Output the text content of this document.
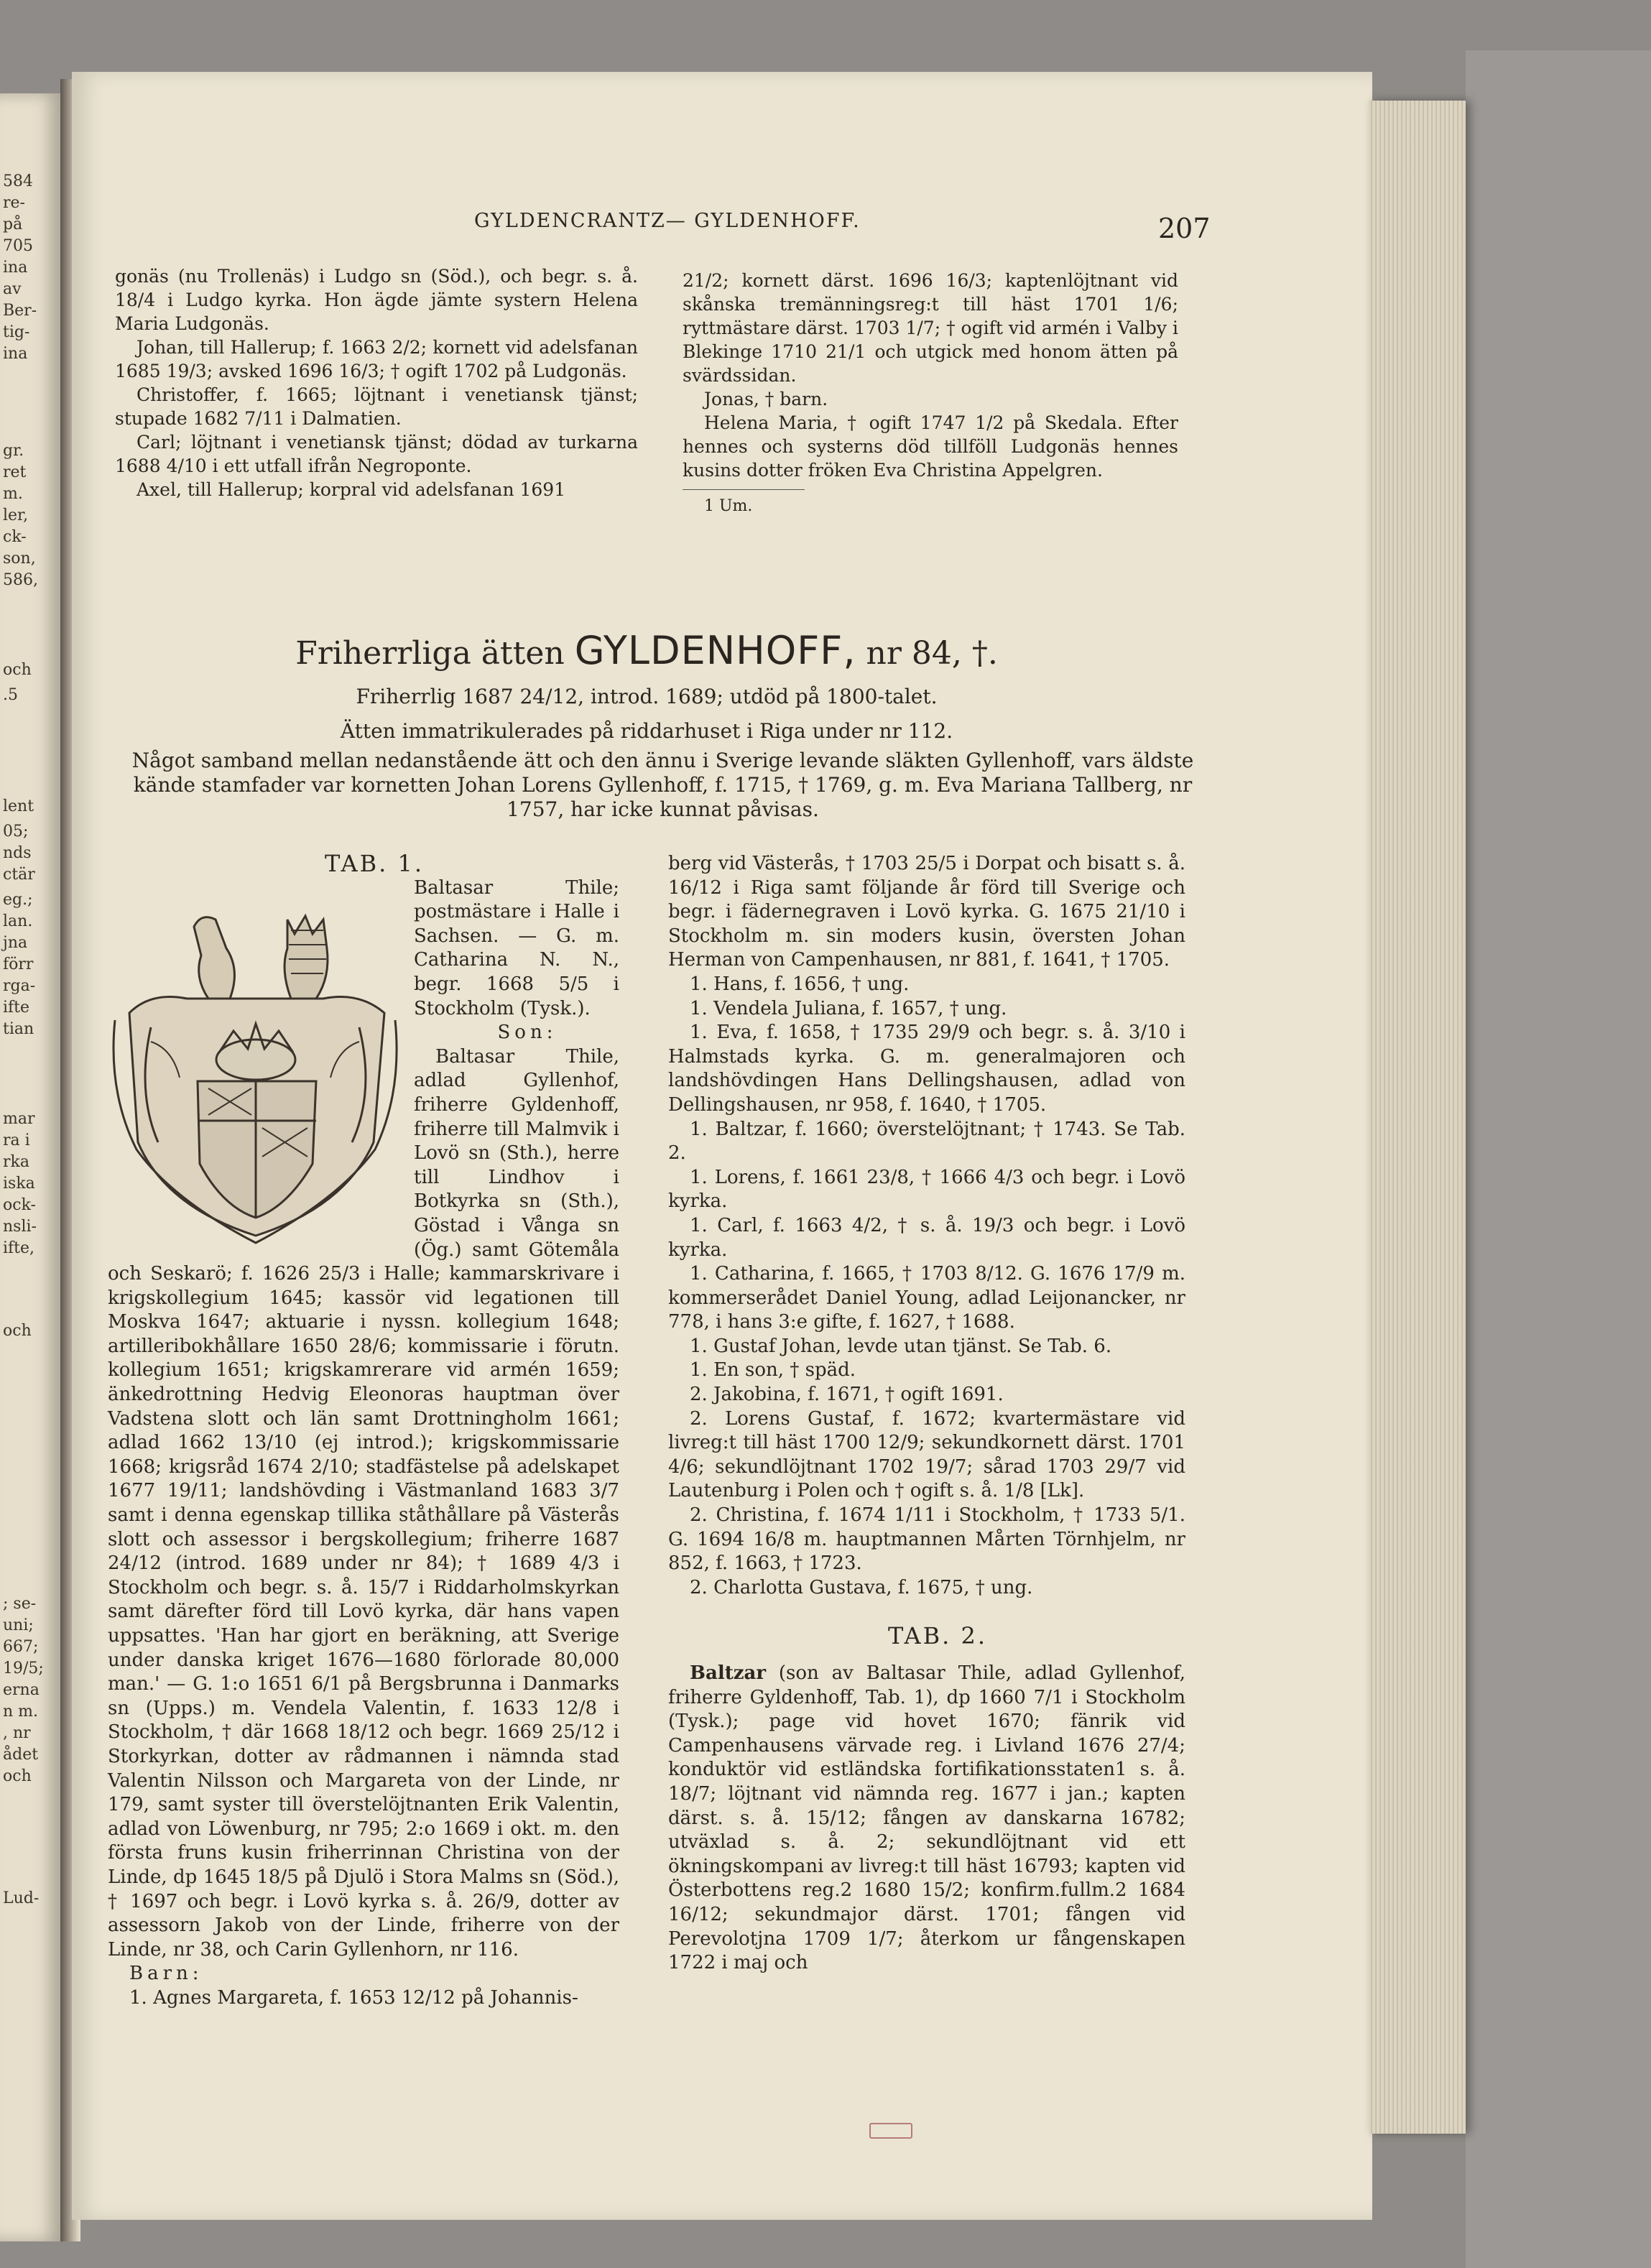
584
re-
på
705
ina
av
Ber-
tig-
ina
gr.
ret
m.
ler,
ck-
son,
586,
och
.5
lent
05;
nds
ctär
eg.;
lan.
jna
förr
rga-
ifte
tian
mar
ra i
rka
iska
ock-
nsli-
ifte,
och
; se-
uni;
667;
19/5;
erna
n m.
, nr
ådet
och
Lud-
GYLDENCRANTZ— GYLDENHOFF.	207

gonäs (nu Trollenäs) i Ludgo sn (Söd.), och begr. s. å. 18/4 i Ludgo kyrka. Hon ägde jämte systern Helena Maria Ludgonäs.

Johan, till Hallerup; f. 1663 2/2; kornett vid adelsfanan 1685 19/3; avsked 1696 16/3; † ogift 1702 på Ludgonäs.

Christoffer, f. 1665; löjtnant i venetiansk tjänst; stupade 1682 7/11 i Dalmatien.

Carl; löjtnant i venetiansk tjänst; dödad av turkarna 1688 4/10 i ett utfall ifrån Negroponte.

Axel, till Hallerup; korpral vid adelsfanan 1691

21/2; kornett därst. 1696 16/3; kaptenlöjtnant vid skånska tremänningsreg:t till häst 1701 1/6; ryttmästare därst. 1703 1/7; † ogift vid armén i Valby i Blekinge 1710 21/1 och utgick med honom ätten på svärdssidan.

Jonas, † barn.

Helena Maria, † ogift 1747 1/2 på Skedala. Efter hennes och systerns död tillföll Ludgonäs hennes kusins dotter fröken Eva Christina Appelgren.

1 Um.

Friherrliga ätten GYLDENHOFF, nr 84, †.
Friherrlig 1687 24/12, introd. 1689; utdöd på 1800-talet.
Ätten immatrikulerades på riddarhuset i Riga under nr 112.
Något samband mellan nedanstående ätt och den ännu i Sverige levande släkten Gyllenhoff, vars äldste kände stamfader var kornetten Johan Lorens Gyllenhoff, f. 1715, † 1769, g. m. Eva Mariana Tallberg, nr 1757, har icke kunnat påvisas.

TAB. 1.

Baltasar Thile; postmästare i Halle i Sachsen. — G. m. Catharina N. N., begr. 1668 5/5 i Stockholm (Tysk.).

Son:

Baltasar Thile, adlad Gyllenhof, friherre Gyldenhoff, friherre till Malmvik i Lovö sn (Sth.), herre till Lindhov i Botkyrka sn (Sth.), Göstad i Vånga sn (Ög.) samt Götemåla och Seskarö; f. 1626 25/3 i Halle; kammarskrivare i krigskollegium 1645; kassör vid legationen till Moskva 1647; aktuarie i nyssn. kollegium 1648; artilleribokhållare 1650 28/6; kommissarie i förutn. kollegium 1651; krigskamrerare vid armén 1659; änkedrottning Hedvig Eleonoras hauptman över Vadstena slott och län samt Drottningholm 1661; adlad 1662 13/10 (ej introd.); krigskommissarie 1668; krigsråd 1674 2/10; stadfästelse på adelskapet 1677 19/11; landshövding i Västmanland 1683 3/7 samt i denna egenskap tillika ståthållare på Västerås slott och assessor i bergskollegium; friherre 1687 24/12 (introd. 1689 under nr 84); † 1689 4/3 i Stockholm och begr. s. å. 15/7 i Riddarholmskyrkan samt därefter förd till Lovö kyrka, där hans vapen uppsattes. 'Han har gjort en beräkning, att Sverige under danska kriget 1676—1680 förlorade 80,000 man.' — G. 1:o 1651 6/1 på Bergsbrunna i Danmarks sn (Upps.) m. Vendela Valentin, f. 1633 12/8 i Stockholm, † där 1668 18/12 och begr. 1669 25/12 i Storkyrkan, dotter av rådmannen i nämnda stad Valentin Nilsson och Margareta von der Linde, nr 179, samt syster till överstelöjtnanten Erik Valentin, adlad von Löwenburg, nr 795; 2:o 1669 i okt. m. den första fruns kusin friherrinnan Christina von der Linde, dp 1645 18/5 på Djulö i Stora Malms sn (Söd.), † 1697 och begr. i Lovö kyrka s. å. 26/9, dotter av assessorn Jakob von der Linde, friherre von der Linde, nr 38, och Carin Gyllenhorn, nr 116.

Barn:

1. Agnes Margareta, f. 1653 12/12 på Johannis-

berg vid Västerås, † 1703 25/5 i Dorpat och bisatt s. å. 16/12 i Riga samt följande år förd till Sverige och begr. i fädernegraven i Lovö kyrka. G. 1675 21/10 i Stockholm m. sin moders kusin, översten Johan Herman von Campenhausen, nr 881, f. 1641, † 1705.

1. Hans, f. 1656, † ung.

1. Vendela Juliana, f. 1657, † ung.

1. Eva, f. 1658, † 1735 29/9 och begr. s. å. 3/10 i Halmstads kyrka. G. m. generalmajoren och landshövdingen Hans Dellingshausen, adlad von Dellingshausen, nr 958, f. 1640, † 1705.

1. Baltzar, f. 1660; överstelöjtnant; † 1743. Se Tab. 2.

1. Lorens, f. 1661 23/8, † 1666 4/3 och begr. i Lovö kyrka.

1. Carl, f. 1663 4/2, † s. å. 19/3 och begr. i Lovö kyrka.

1. Catharina, f. 1665, † 1703 8/12. G. 1676 17/9 m. kommerserådet Daniel Young, adlad Leijonancker, nr 778, i hans 3:e gifte, f. 1627, † 1688.

1. Gustaf Johan, levde utan tjänst. Se Tab. 6.

1. En son, † späd.

2. Jakobina, f. 1671, † ogift 1691.

2. Lorens Gustaf, f. 1672; kvartermästare vid livreg:t till häst 1700 12/9; sekundkornett därst. 1701 4/6; sekundlöjtnant 1702 19/7; sårad 1703 29/7 vid Lautenburg i Polen och † ogift s. å. 1/8 [Lk].

2. Christina, f. 1674 1/11 i Stockholm, † 1733 5/1. G. 1694 16/8 m. hauptmannen Mårten Törnhjelm, nr 852, f. 1663, † 1723.

2. Charlotta Gustava, f. 1675, † ung.

TAB. 2.

Baltzar (son av Baltasar Thile, adlad Gyllenhof, friherre Gyldenhoff, Tab. 1), dp 1660 7/1 i Stockholm (Tysk.); page vid hovet 1670; fänrik vid Campenhausens värvade reg. i Livland 1676 27/4; konduktör vid estländska fortifikationsstaten1 s. å. 18/7; löjtnant vid nämnda reg. 1677 i jan.; kapten därst. s. å. 15/12; fången av danskarna 16782; utväxlad s. å. 2; sekundlöjtnant vid ett ökningskompani av livreg:t till häst 16793; kapten vid Österbottens reg.2 1680 15/2; konfirm.fullm.2 1684 16/12; sekundmajor därst. 1701; fången vid Perevolotjna 1709 1/7; återkom ur fångenskapen 1722 i maj och
